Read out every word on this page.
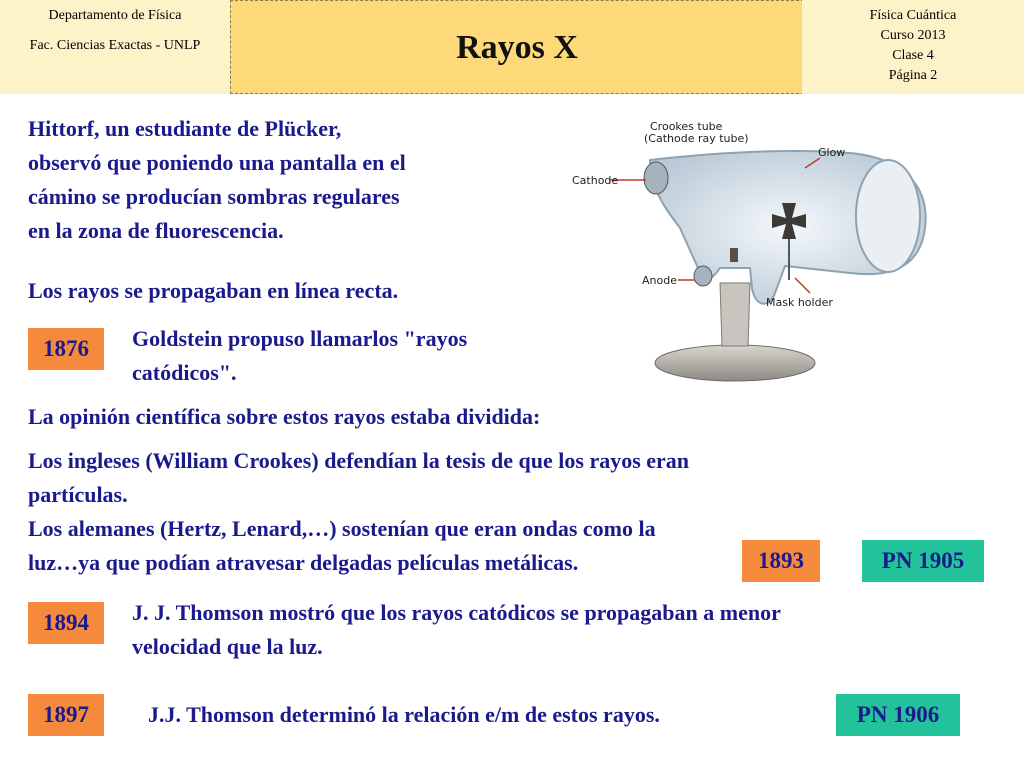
Departamento de Física
Fac. Ciencias Exactas - UNLP	Rayos X
Física Cuántica
Curso 2013
Clase 4
Página 2
Hittorf, un estudiante de Plücker,
observó que poniendo una pantalla en el
cámino se producían sombras regulares
en la zona de fluorescencia.
Los rayos se propagaban en línea recta.
Crookes tube
(Cathode ray tube)
Glow
Cathode
Anode
Mask holder
1876	Goldstein propuso llamarlos "rayos
catódicos".
La opinión científica sobre estos rayos estaba dividida:
Los ingleses (William Crookes) defendían la tesis de que los rayos eran
partículas.
Los alemanes (Hertz, Lenard,…) sostenían que eran ondas como la
luz…ya que podían atravesar delgadas películas metálicas.	1893	PN 1905
1894	J. J. Thomson mostró que los rayos catódicos se propagaban a menor
velocidad que la luz.
1897	J.J. Thomson determinó la relación e/m de estos rayos.	PN 1906
